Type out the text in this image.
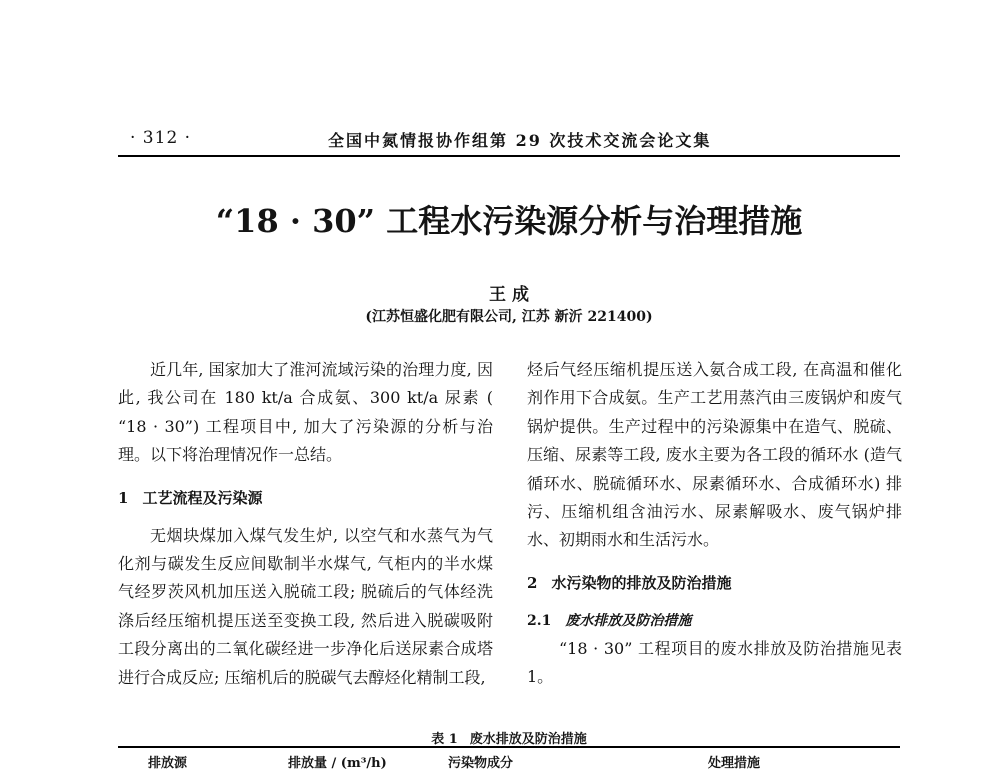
· 312 ·	全国中氮情报协作组第 29 次技术交流会论文集
“18 · 30” 工程水污染源分析与治理措施
王 成
(江苏恒盛化肥有限公司, 江苏 新沂 221400)

近几年, 国家加大了淮河流域污染的治理力度, 因此, 我公司在 180 kt/a 合成氨、300 kt/a 尿素 ( “18 · 30”) 工程项目中, 加大了污染源的分析与治理。以下将治理情况作一总结。

1 工艺流程及污染源

无烟块煤加入煤气发生炉, 以空气和水蒸气为气化剂与碳发生反应间歇制半水煤气, 气柜内的半水煤气经罗茨风机加压送入脱硫工段; 脱硫后的气体经洗涤后经压缩机提压送至变换工段, 然后进入脱碳吸附工段分离出的二氧化碳经进一步净化后送尿素合成塔进行合成反应; 压缩机后的脱碳气去醇烃化精制工段,

烃后气经压缩机提压送入氨合成工段, 在高温和催化剂作用下合成氨。生产工艺用蒸汽由三废锅炉和废气锅炉提供。生产过程中的污染源集中在造气、脱硫、压缩、尿素等工段, 废水主要为各工段的循环水 (造气循环水、脱硫循环水、尿素循环水、合成循环水) 排污、压缩机组含油污水、尿素解吸水、废气锅炉排水、初期雨水和生活污水。

2 水污染物的排放及防治措施

2.1 废水排放及防治措施

“18 · 30” 工程项目的废水排放及防治措施见表 1。

表 1 废水排放及防治措施
排放源	排放量 / (m³/h)	污染物成分	处理措施
